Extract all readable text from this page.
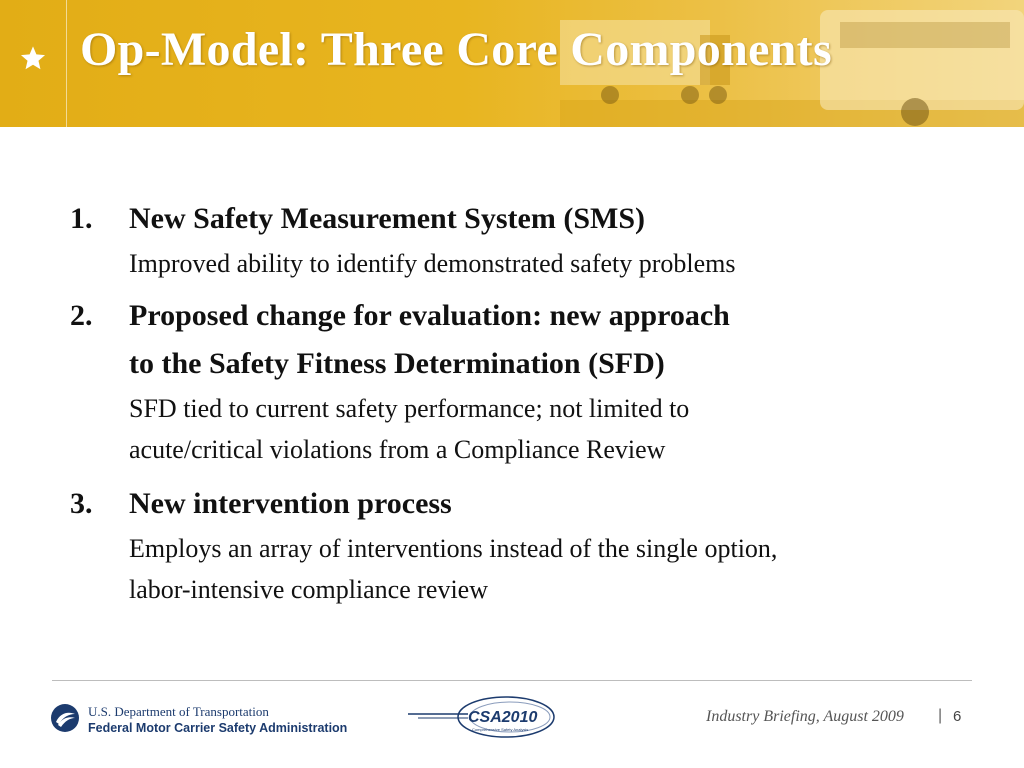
Op-Model: Three Core Components
1. New Safety Measurement System (SMS)
Improved ability to identify demonstrated safety problems
2. Proposed change for evaluation: new approach
to the Safety Fitness Determination (SFD)
SFD tied to current safety performance; not limited to
acute/critical violations from a Compliance Review
3. New intervention process
Employs an array of interventions instead of the single option,
labor-intensive compliance review
U.S. Department of Transportation
Federal Motor Carrier Safety Administration
CSA2010
Comprehensive Safety Analysis
Industry Briefing, August 2009 | 6
